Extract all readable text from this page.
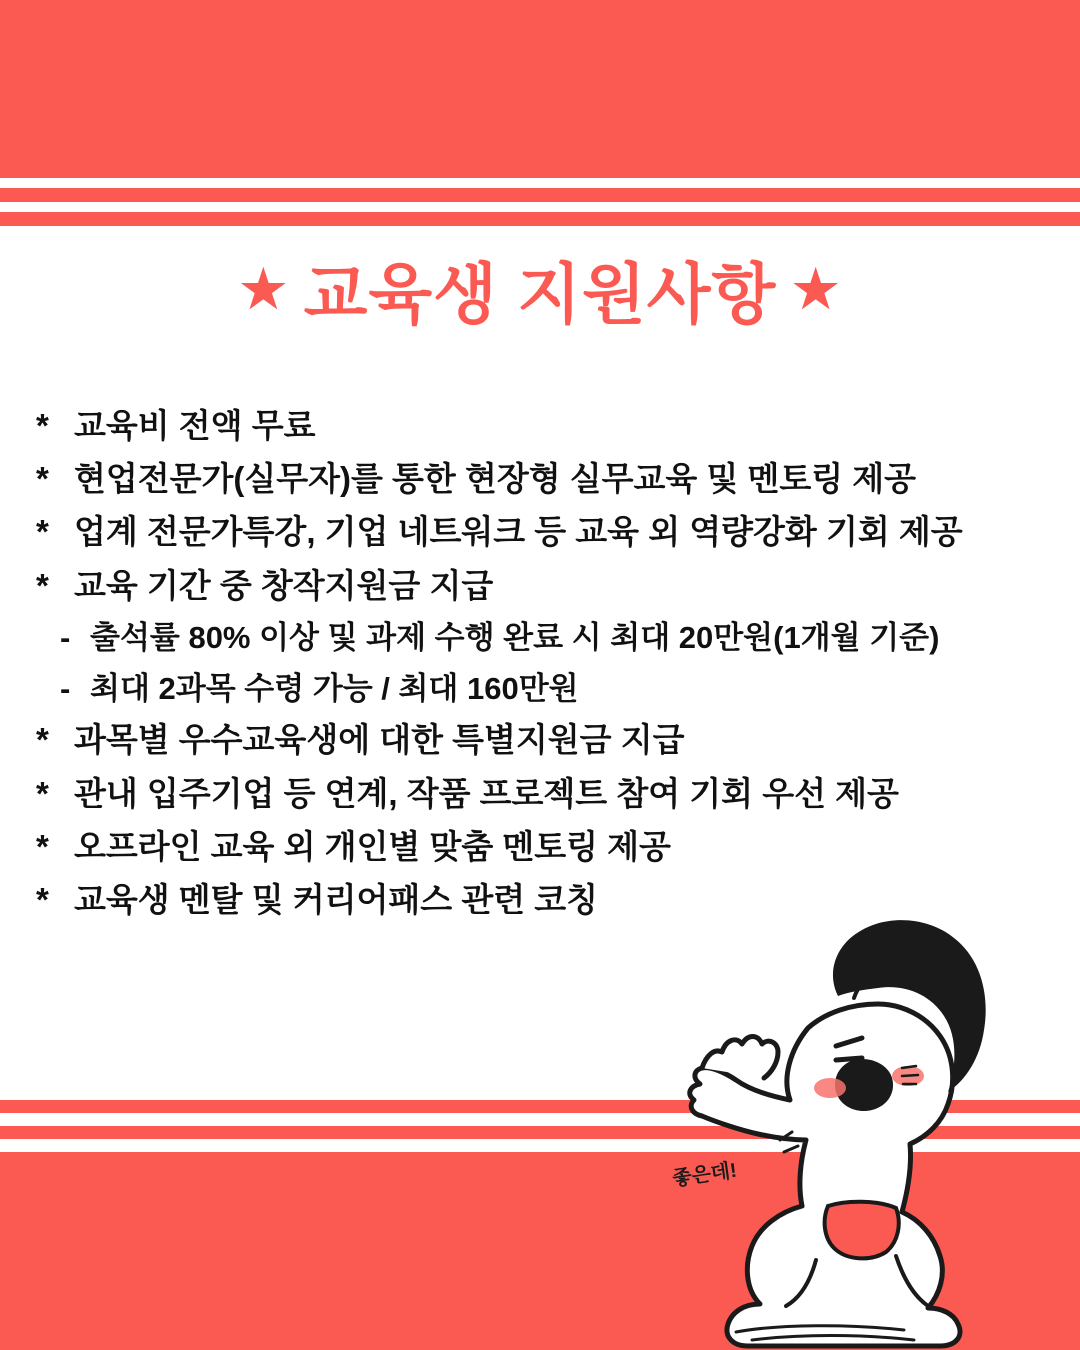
★ 교육생 지원사항 ★
* 교육비 전액 무료
* 현업전문가(실무자)를 통한 현장형 실무교육 및 멘토링 제공
* 업계 전문가특강, 기업 네트워크 등 교육 외 역량강화 기회 제공
* 교육 기간 중 창작지원금 지급
- 출석률 80% 이상 및 과제 수행 완료 시 최대 20만원(1개월 기준)
- 최대 2과목 수령 가능 / 최대 160만원
* 과목별 우수교육생에 대한 특별지원금 지급
* 관내 입주기업 등 연계, 작품 프로젝트 참여 기회 우선 제공
* 오프라인 교육 외 개인별 맞춤 멘토링 제공
* 교육생 멘탈 및 커리어패스 관련 코칭
좋은데!
